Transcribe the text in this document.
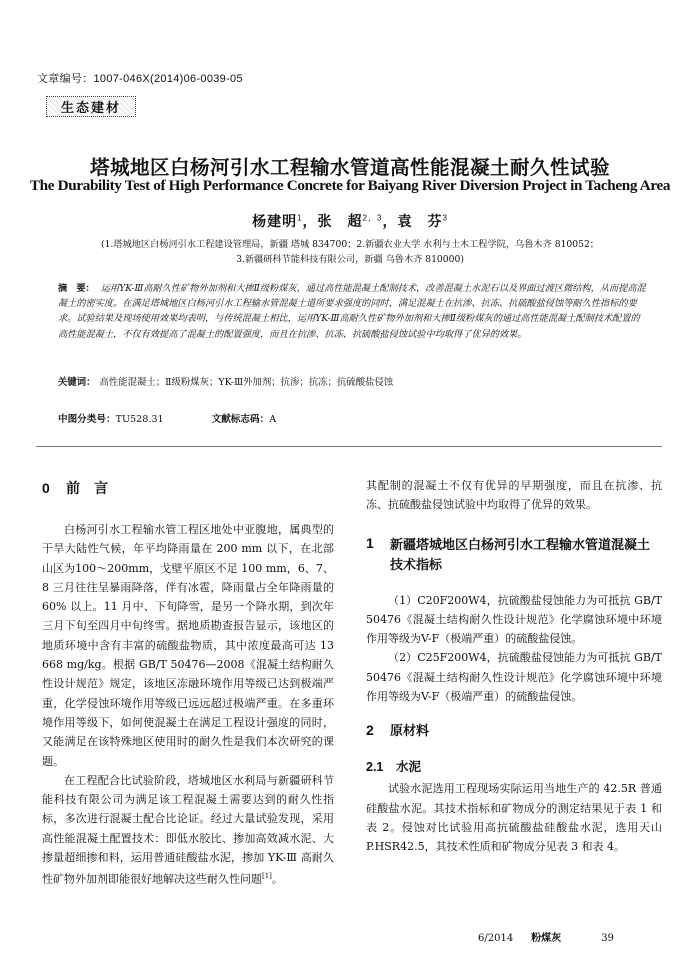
文章编号：1007-046X(2014)06-0039-05
生态建材
塔城地区白杨河引水工程输水管道高性能混凝土耐久性试验
The Durability Test of High Performance Concrete for Baiyang River Diversion Project in Tacheng Area
杨建明$^1$，张　超$^{2,3}$，袁　芬$^3$
(1.塔城地区白杨河引水工程建设管理局，新疆 塔城 834700；2.新疆农业大学 水利与土木工程学院，乌鲁木齐 810052；
3.新疆研科节能科技有限公司，新疆 乌鲁木齐 810000)
摘　要： 运用YK-Ⅲ高耐久性矿物外加剂和大掺Ⅱ级粉煤灰，通过高性能混凝土配制技术，改善混凝土水泥石以及界面过渡区微结构，从而提高混凝土的密实度。在满足塔城地区白杨河引水工程输水管混凝土道所要求强度的同时，满足混凝土在抗渗、抗冻、抗硫酸盐侵蚀等耐久性指标的要求。试验结果及现场使用效果均表明，与传统混凝土相比，运用YK-Ⅲ高耐久性矿物外加剂和大掺Ⅱ级粉煤灰的通过高性能混凝土配制技术配置的高性能混凝土，不仅有效提高了混凝土的配置强度，而且在抗渗、抗冻、抗硫酸盐侵蚀试验中均取得了优异的效果。
关键词： 高性能混凝土；Ⅱ级粉煤灰；YK-Ⅲ外加剂；抗渗；抗冻；抗硫酸盐侵蚀
中图分类号：TU528.31	文献标志码：A
0 前　言

白杨河引水工程输水管工程区地处中亚腹地，属典型的干旱大陆性气候，年平均降雨量在 200 mm 以下，在北部山区为100～200mm，戈壁平原区不足 100 mm，6、7、8 三月往往呈暴雨降落，伴有冰雹，降雨量占全年降雨量的 60% 以上。11 月中、下旬降雪，是另一个降水期，到次年三月下旬至四月中旬终雪。据地质勘查报告显示，该地区的地质环境中含有丰富的硫酸盐物质，其中浓度最高可达 13 668 mg/kg。根据 GB/T 50476—2008《混凝土结构耐久性设计规范》规定，该地区冻融环境作用等级已达到极端严重，化学侵蚀环境作用等级已远远超过极端严重。在多重环境作用等级下，如何使混凝土在满足工程设计强度的同时，又能满足在该特殊地区使用时的耐久性是我们本次研究的课题。

在工程配合比试验阶段，塔城地区水利局与新疆研科节能科技有限公司为满足该工程混凝土需要达到的耐久性指标，多次进行混凝土配合比论证。经过大量试验发现，采用高性能混凝土配置技术：即低水胶比、掺加高效减水泥、大掺量超细掺和料，运用普通硅酸盐水泥，掺加 YK-Ⅲ 高耐久性矿物外加剂即能很好地解决这些耐久性问题[1]。

其配制的混凝土不仅有优异的早期强度，而且在抗渗、抗冻、抗硫酸盐侵蚀试验中均取得了优异的效果。

1	新疆塔城地区白杨河引水工程输水管道混凝土技术指标

（1）C20F200W4，抗硫酸盐侵蚀能力为可抵抗 GB/T 50476《混凝土结构耐久性设计规范》化学腐蚀环境中环境作用等级为V-F（极端严重）的硫酸盐侵蚀。

（2）C25F200W4，抗硫酸盐侵蚀能力为可抵抗 GB/T 50476《混凝土结构耐久性设计规范》化学腐蚀环境中环境作用等级为V-F（极端严重）的硫酸盐侵蚀。

2 原材料
2.1 水泥

试验水泥选用工程现场实际运用当地生产的 42.5R 普通硅酸盐水泥。其技术指标和矿物成分的测定结果见于表 1 和表 2。侵蚀对比试验用高抗硫酸盐硅酸盐水泥，选用天山 P.HSR42.5，其技术性质和矿物成分见表 3 和表 4。

6/2014 粉煤灰	39
